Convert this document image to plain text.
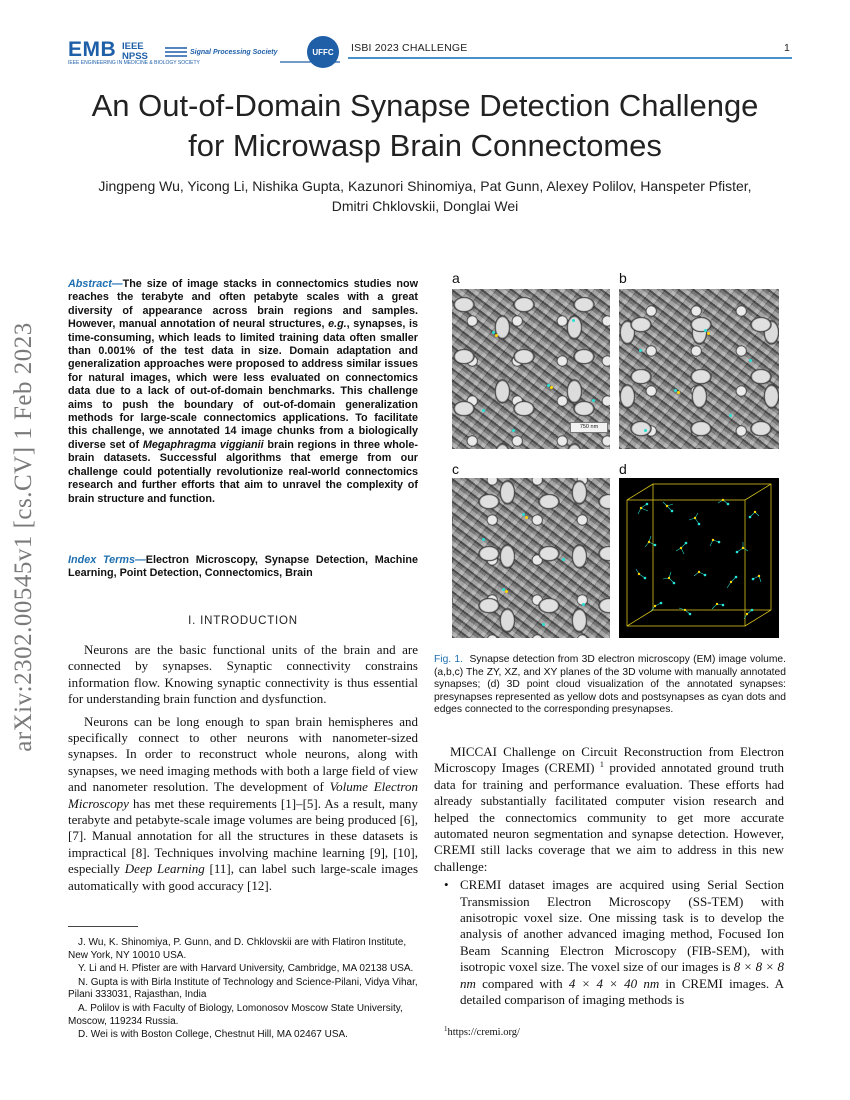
EMB
IEEE ENGINEERING IN MEDICINE & BIOLOGY SOCIETY
IEEE
NPSS	Signal Processing Society	UFFC ISBI 2023 CHALLENGE	1
An Out-of-Domain Synapse Detection Challenge
for Microwasp Brain Connectomes
Jingpeng Wu, Yicong Li, Nishika Gupta, Kazunori Shinomiya, Pat Gunn, Alexey Polilov, Hanspeter Pfister,
Dmitri Chklovskii, Donglai Wei
arXiv:2302.00545v1 [cs.CV] 1 Feb 2023
Abstract—The size of image stacks in connectomics studies now reaches the terabyte and often petabyte scales with a great diversity of appearance across brain regions and samples. However, manual annotation of neural structures, e.g., synapses, is time-consuming, which leads to limited training data often smaller than 0.001% of the test data in size. Domain adaptation and generalization approaches were proposed to address similar issues for natural images, which were less evaluated on connectomics data due to a lack of out-of-domain benchmarks. This challenge aims to push the boundary of out-of-domain generalization methods for large-scale connectomics applications. To facilitate this challenge, we annotated 14 image chunks from a biologically diverse set of Megaphragma viggianii brain regions in three whole-brain datasets. Successful algorithms that emerge from our challenge could potentially revolutionize real-world connectomics research and further efforts that aim to unravel the complexity of brain structure and function.
Index Terms—Electron Microscopy, Synapse Detection, Machine Learning, Point Detection, Connectomics, Brain
I. INTRODUCTION

Neurons are the basic functional units of the brain and are connected by synapses. Synaptic connectivity constrains information flow. Knowing synaptic connectivity is thus essential for understanding brain function and dysfunction.

Neurons can be long enough to span brain hemispheres and specifically connect to other neurons with nanometer-sized synapses. In order to reconstruct whole neurons, along with synapses, we need imaging methods with both a large field of view and nanometer resolution. The development of Volume Electron Microscopy has met these requirements [1]–[5]. As a result, many terabyte and petabyte-scale image volumes are being produced [6], [7]. Manual annotation for all the structures in these datasets is impractical [8]. Techniques involving machine learning [9], [10], especially Deep Learning [11], can label such large-scale images automatically with good accuracy [12].

J. Wu, K. Shinomiya, P. Gunn, and D. Chklovskii are with Flatiron Institute, New York, NY 10010 USA.

Y. Li and H. Pfister are with Harvard University, Cambridge, MA 02138 USA.

N. Gupta is with Birla Institute of Technology and Science-Pilani, Vidya Vihar, Pilani 333031, Rajasthan, India

A. Polilov is with Faculty of Biology, Lomonosov Moscow State University, Moscow, 119234 Russia.

D. Wei is with Boston College, Chestnut Hill, MA 02467 USA.

a	b
c	d
750 nm
Fig. 1. Synapse detection from 3D electron microscopy (EM) image volume. (a,b,c) The ZY, XZ, and XY planes of the 3D volume with manually annotated synapses; (d) 3D point cloud visualization of the annotated synapses: presynapses represented as yellow dots and postsynapses as cyan dots and edges connected to the corresponding presynapses.

MICCAI Challenge on Circuit Reconstruction from Electron Microscopy Images (CREMI) $^1$ provided annotated ground truth data for training and performance evaluation. These efforts had already substantially facilitated computer vision research and helped the connectomics community to get more accurate automated neuron segmentation and synapse detection. However, CREMI still lacks coverage that we aim to address in this new challenge:

• CREMI dataset images are acquired using Serial Section Transmission Electron Microscopy (SS-TEM) with anisotropic voxel size. One missing task is to develop the analysis of another advanced imaging method, Focused Ion Beam Scanning Electron Microscopy (FIB-SEM), with isotropic voxel size. The voxel size of our images is 8 × 8 × 8 nm compared with 4 × 4 × 40 nm in CREMI images. A detailed comparison of imaging methods is
$^1$https://cremi.org/
